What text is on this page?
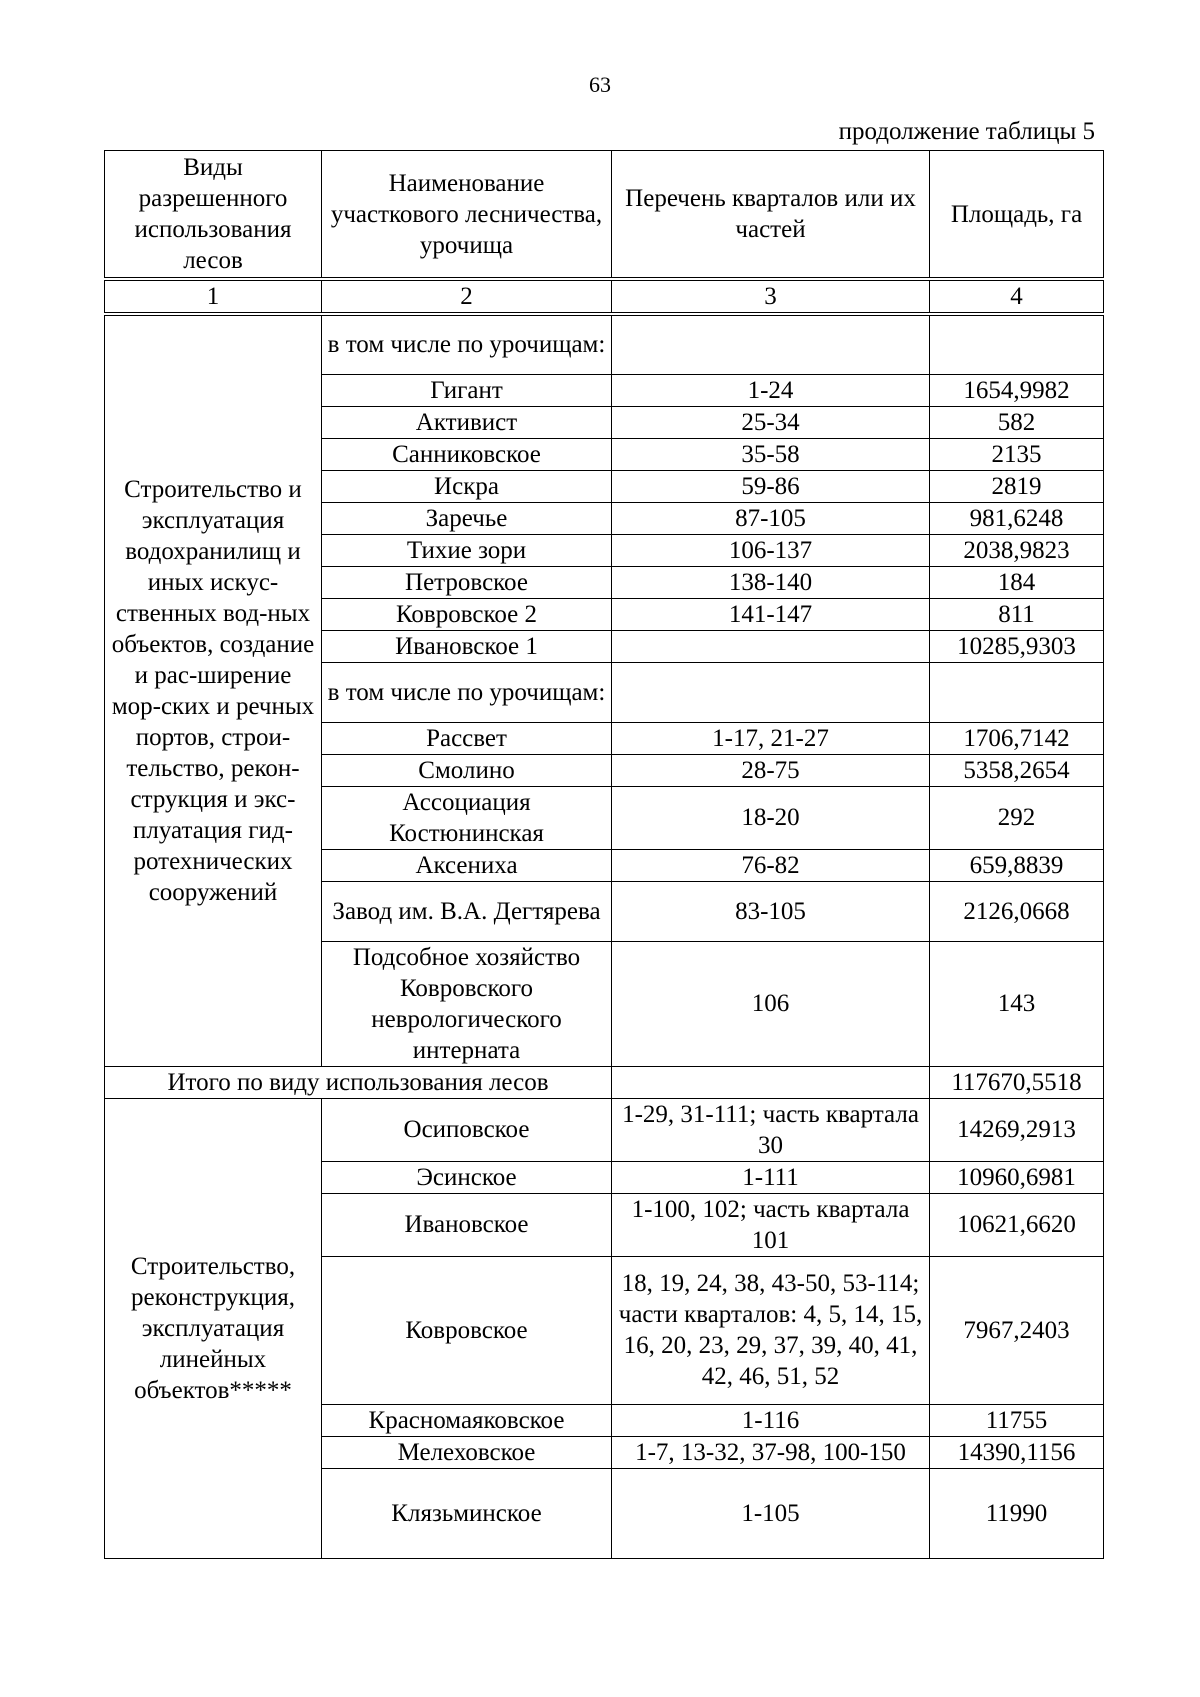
63
продолжение таблицы 5
Виды разрешенного использования лесов	Наименование участкового лесничества, урочища	Перечень кварталов или их частей	Площадь, га
1	2	3	4
Строительство и эксплуатация водохранилищ и иных искус-ственных вод-ных объектов, создание и рас-ширение мор-ских и речных портов, строи-тельство, рекон-струкция и экс-плуатация гид-ротехнических сооружений	в том числе по урочищам:		
	Гигант	1-24	1654,9982
	Активист	25-34	582
	Санниковское	35-58	2135
	Искра	59-86	2819
	Заречье	87-105	981,6248
	Тихие зори	106-137	2038,9823
	Петровское	138-140	184
	Ковровское 2	141-147	811
	Ивановское 1		10285,9303
	в том числе по урочищам:		
	Рассвет	1-17, 21-27	1706,7142
	Смолино	28-75	5358,2654
	Ассоциация Костюнинская	18-20	292
	Аксениха	76-82	659,8839
	Завод им. В.А. Дегтярева	83-105	2126,0668
	Подсобное хозяйство Ковровского неврологического интерната	106	143
Итого по виду использования лесов			117670,5518
Строительство, реконструкция, эксплуатация линейных объектов*****	Осиповское	1-29, 31-111; часть квартала 30	14269,2913
	Эсинское	1-111	10960,6981
	Ивановское	1-100, 102; часть квартала 101	10621,6620
	Ковровское	18, 19, 24, 38, 43-50, 53-114; части кварталов: 4, 5, 14, 15, 16, 20, 23, 29, 37, 39, 40, 41, 42, 46, 51, 52	7967,2403
	Красномаяковское	1-116	11755
	Мелеховское	1-7, 13-32, 37-98, 100-150	14390,1156
	Клязьминское	1-105	11990
